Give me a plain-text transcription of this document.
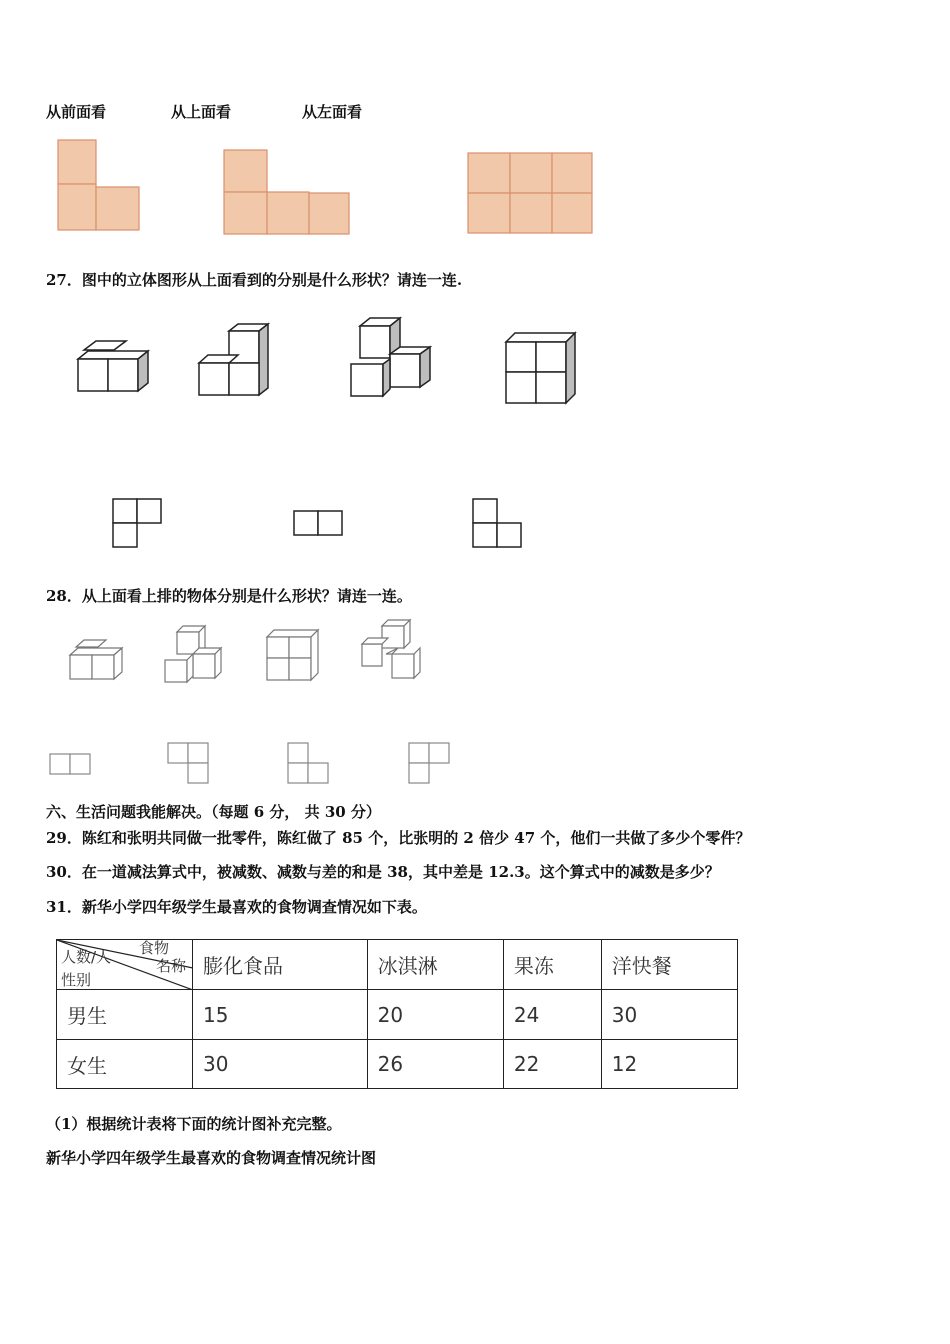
从前面看	从上面看	从左面看
27．图中的立体图形从上面看到的分别是什么形状？请连一连.
28．从上面看上排的物体分别是什么形状？请连一连。
六、生活问题我能解决。（每题 6 分， 共 30 分）
29．陈红和张明共同做一批零件，陈红做了 85 个，比张明的 2 倍少 47 个，他们一共做了多少个零件？
30．在一道减法算式中，被减数、减数与差的和是 38，其中差是 12.3。这个算式中的减数是多少？
31．新华小学四年级学生最喜欢的食物调查情况如下表。
食物
人数/人 名称
性别	膨化食品	冰淇淋	果冻	洋快餐
男生	15	20	24	30
女生	30	26	22	12
（1）根据统计表将下面的统计图补充完整。
新华小学四年级学生最喜欢的食物调查情况统计图
